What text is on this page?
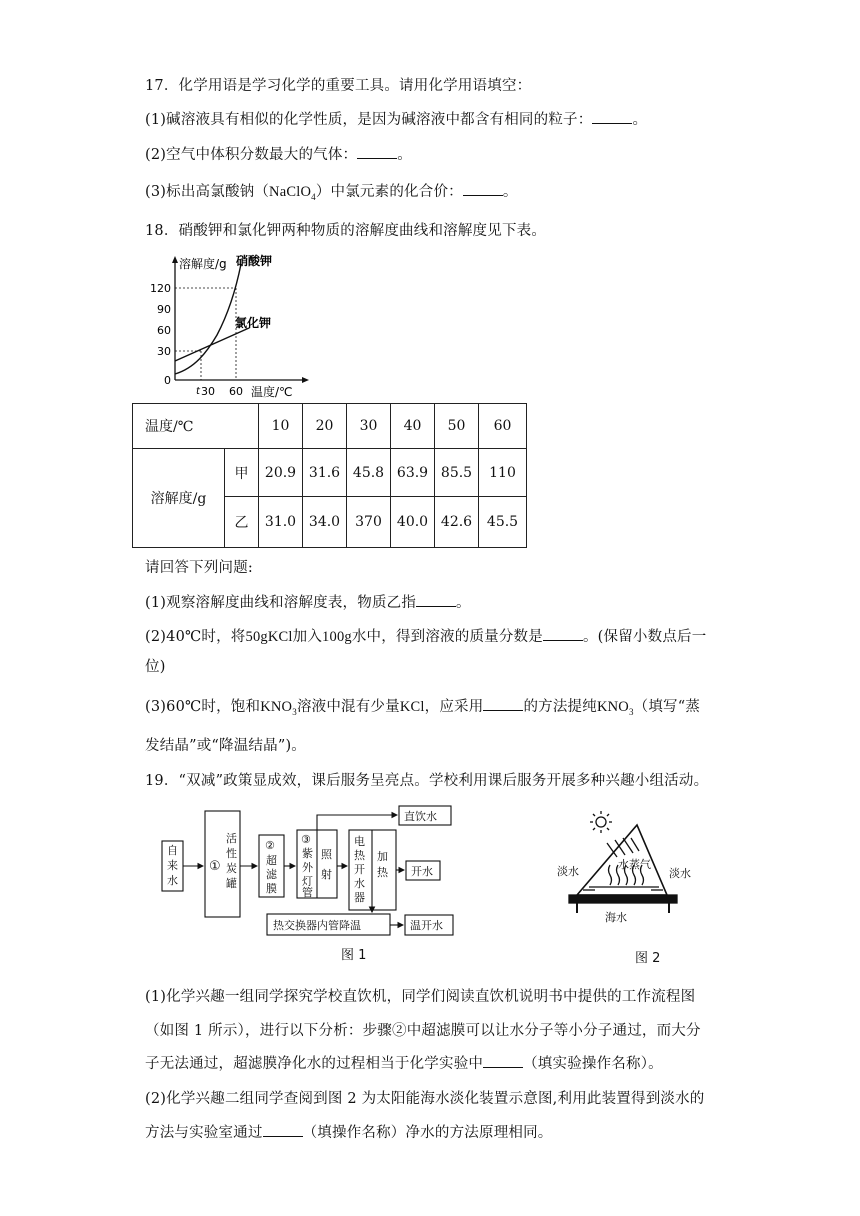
17．化学用语是学习化学的重要工具。请用化学用语填空：
(1)碱溶液具有相似的化学性质，是因为碱溶液中都含有相同的粒子：	。
(2)空气中体积分数最大的气体：	。
(3)标出高氯酸钠（NaClO$_4$）中氯元素的化合价：	。
18．硝酸钾和氯化钾两种物质的溶解度曲线和溶解度见下表。
溶解度/g 硝酸钾
氯化钾
120
90
60
30
0
t 30 60 温度/℃
温度/℃		10	20	30	40	50	60
溶解度/g	甲	20.9	31.6	45.8	63.9	85.5	110
	乙	31.0	34.0	370	40.0	42.6	45.5
请回答下列问题:
(1)观察溶解度曲线和溶解度表，物质乙指	。
(2)40℃时，将50gKCl加入100g水中，得到溶液的质量分数是	。(保留小数点后一
位)
(3)60℃时，饱和$KNO_3$溶液中混有少量KCl，应采用	的方法提纯$KNO_3$（填写“蒸
发结晶”或“降温结晶”)。
19．“双减”政策显成效，课后服务呈亮点。学校利用课后服务开展多种兴趣小组活动。
自
来
水
①
活
性
炭
罐
②
超
滤
膜
③
紫
外
灯
管
照
射
电
热
开
水
器
加
热
直饮水
开水
热交换器内管降温	温开水
图 1
淡水
水蒸气
淡水
海水
图 2
(1)化学兴趣一组同学探究学校直饮机，同学们阅读直饮机说明书中提供的工作流程图
（如图 1 所示），进行以下分析：步骤②中超滤膜可以让水分子等小分子通过，而大分
子无法通过，超滤膜净化水的过程相当于化学实验中	（填实验操作名称）。
(2)化学兴趣二组同学查阅到图 2 为太阳能海水淡化装置示意图,利用此装置得到淡水的
方法与实验室通过	（填操作名称）净水的方法原理相同。
